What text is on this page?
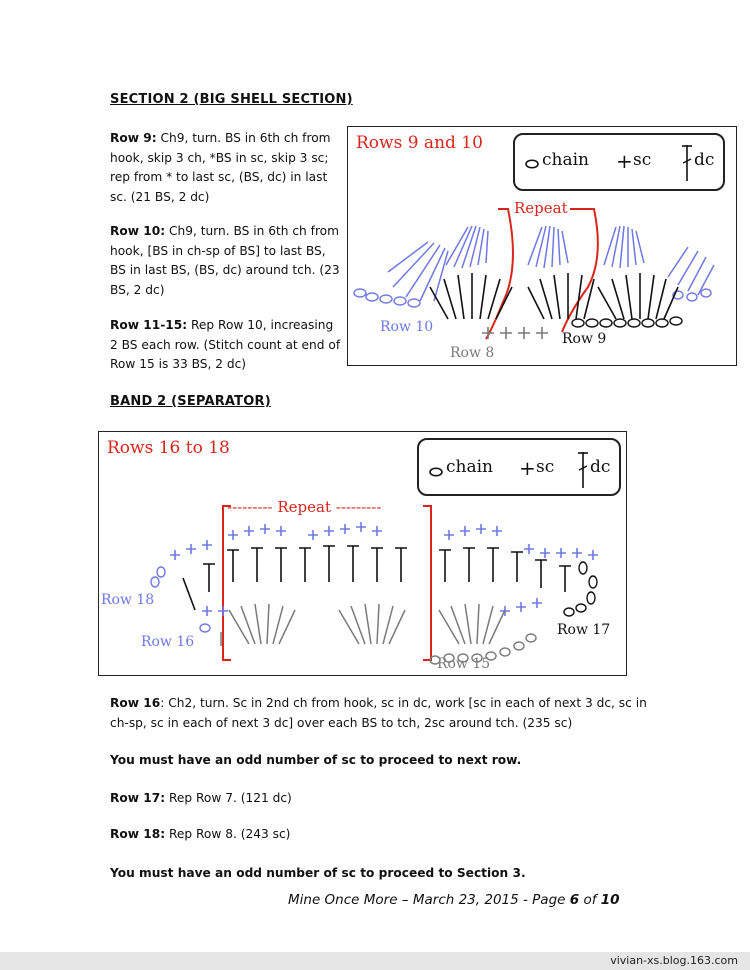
SECTION 2 (BIG SHELL SECTION)
Row 9: Ch9, turn. BS in 6th ch from hook, skip 3 ch, *BS in sc, skip 3 sc; rep from * to last sc, (BS, dc) in last sc. (21 BS, 2 dc)
Row 10: Ch9, turn. BS in 6th ch from hook, [BS in ch-sp of BS] to last BS, BS in last BS, (BS, dc) around tch. (23 BS, 2 dc)
Row 11-15: Rep Row 10, increasing 2 BS each row. (Stitch count at end of Row 15 is 33 BS, 2 dc)
Rows 9 and 10
chain + sc	dc
Repeat
Row 10
Row 8
Row 9
BAND 2 (SEPARATOR)
Rows 16 to 18
chain + sc dc
--------- Repeat ---------
Row 18
Row 16
Row 15
Row 17
Row 16: Ch2, turn. Sc in 2nd ch from hook, sc in dc, work [sc in each of next 3 dc, sc in ch-sp, sc in each of next 3 dc] over each BS to tch, 2sc around tch. (235 sc)
You must have an odd number of sc to proceed to next row.
Row 17: Rep Row 7. (121 dc)
Row 18: Rep Row 8. (243 sc)
You must have an odd number of sc to proceed to Section 3.
Mine Once More – March 23, 2015 - Page 6 of 10
vivian-xs.blog.163.com
